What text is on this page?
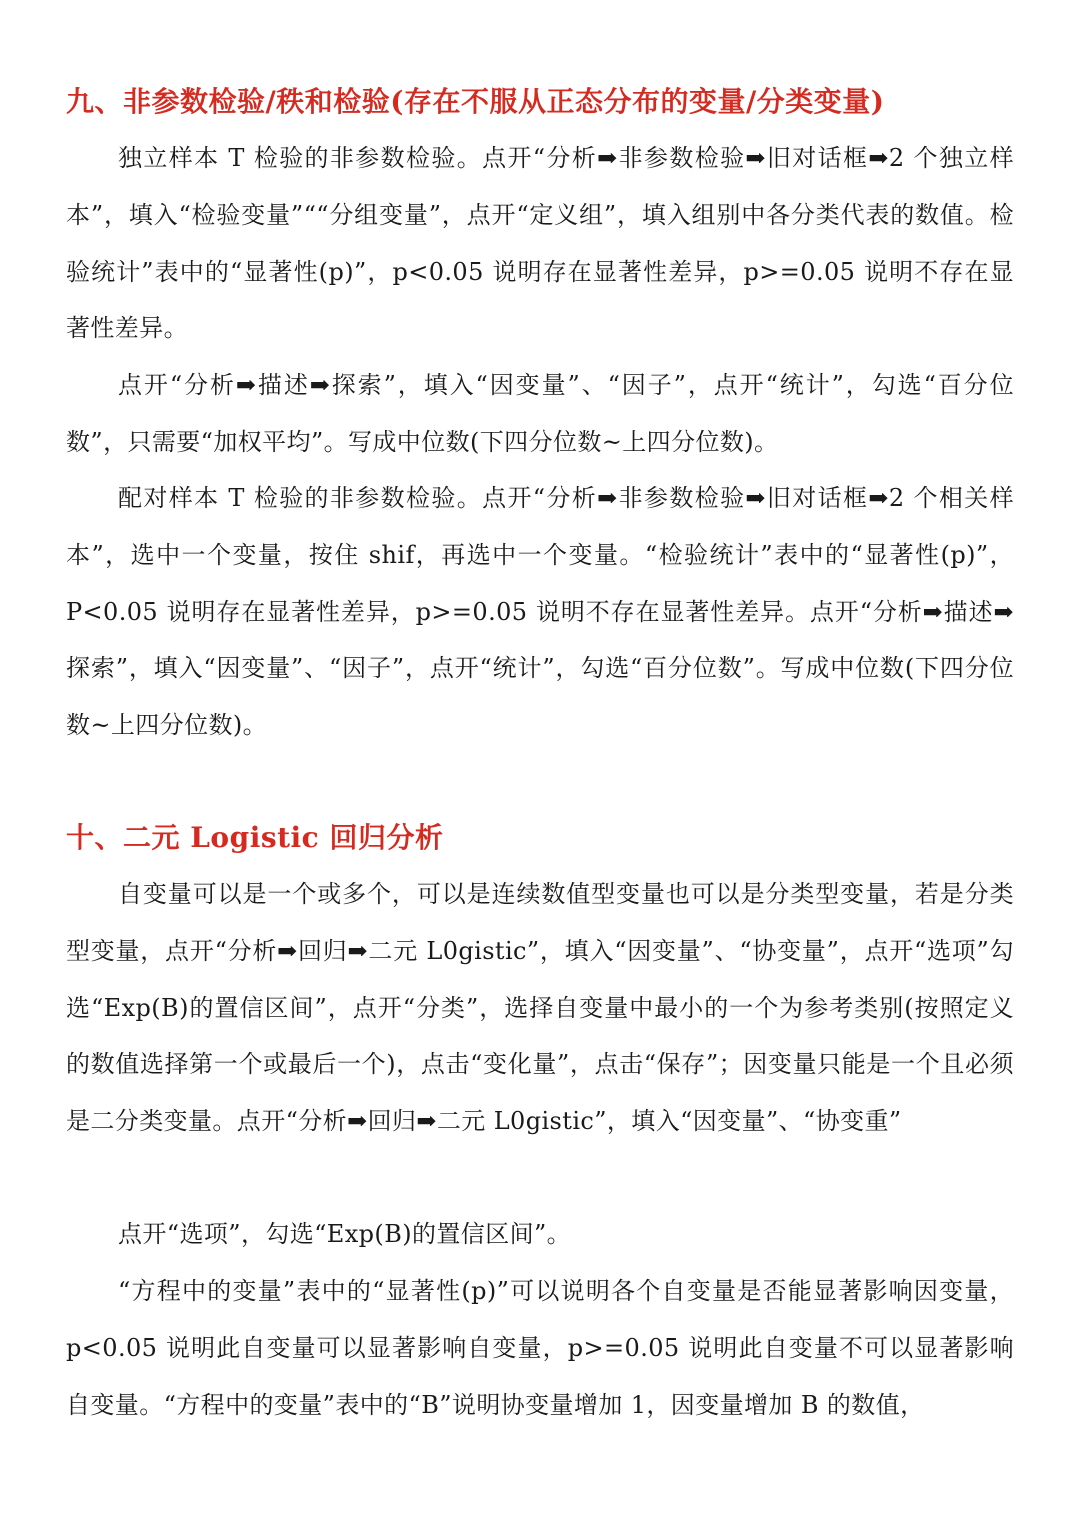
九、非参数检验/秩和检验(存在不服从正态分布的变量/分类变量)

独立样本 T 检验的非参数检验。点开“分析➡非参数检验➡旧对话框➡2 个独立样本”，填入“检验变量”““分组变量”，点开“定义组”，填入组别中各分类代表的数值。检验统计”表中的“显著性(p)”，p<0.05 说明存在显著性差异，p>=0.05 说明不存在显著性差异。

点开“分析➡描述➡探索”，填入“因变量”、“因子”，点开“统计”，勾选“百分位数”，只需要“加权平均”。写成中位数(下四分位数~上四分位数)。

配对样本 T 检验的非参数检验。点开“分析➡非参数检验➡旧对话框➡2 个相关样本”，选中一个变量，按住 shif，再选中一个变量。“检验统计”表中的“显著性(p)”，P<0.05 说明存在显著性差异，p>=0.05 说明不存在显著性差异。点开“分析➡描述➡探索”，填入“因变量”、“因子”，点开“统计”，勾选“百分位数”。写成中位数(下四分位数~上四分位数)。

十、二元 Logistic 回归分析

自变量可以是一个或多个，可以是连续数值型变量也可以是分类型变量，若是分类型变量，点开“分析➡回归➡二元 L0gistic”，填入“因变量”、“协变量”，点开“选项”勾选“Exp(B)的置信区间”，点开“分类”，选择自变量中最小的一个为参考类别(按照定义的数值选择第一个或最后一个)，点击“变化量”，点击“保存”；因变量只能是一个且必须是二分类变量。点开“分析➡回归➡二元 L0gistic”，填入“因变量”、“协变重”

点开“选项”，勾选“Exp(B)的置信区间”。

“方程中的变量”表中的“显著性(p)”可以说明各个自变量是否能显著影响因变量，p<0.05 说明此自变量可以显著影响自变量，p>=0.05 说明此自变量不可以显著影响自变量。“方程中的变量”表中的“B”说明协变量增加 1，因变量增加 B 的数值，
